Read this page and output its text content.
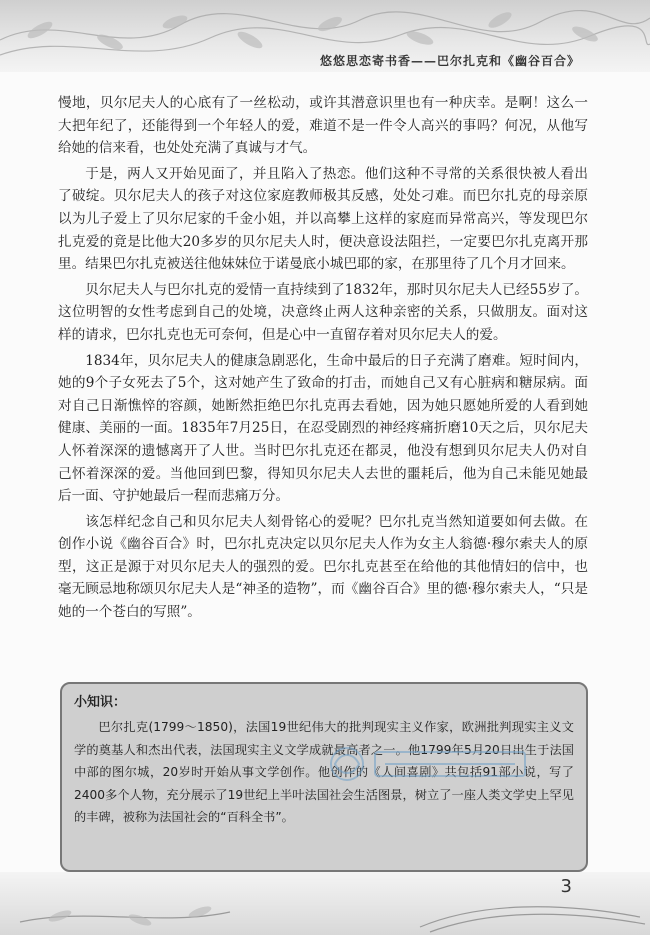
悠悠思恋寄书香——巴尔扎克和《幽谷百合》

慢地，贝尔尼夫人的心底有了一丝松动，或许其潜意识里也有一种庆幸。是啊！这么一大把年纪了，还能得到一个年轻人的爱，难道不是一件令人高兴的事吗？何况，从他写给她的信来看，也处处充满了真诚与才气。

于是，两人又开始见面了，并且陷入了热恋。他们这种不寻常的关系很快被人看出了破绽。贝尔尼夫人的孩子对这位家庭教师极其反感，处处刁难。而巴尔扎克的母亲原以为儿子爱上了贝尔尼家的千金小姐，并以高攀上这样的家庭而异常高兴，等发现巴尔扎克爱的竟是比他大20多岁的贝尔尼夫人时，便决意设法阻拦，一定要巴尔扎克离开那里。结果巴尔扎克被送往他妹妹位于诺曼底小城巴耶的家，在那里待了几个月才回来。

贝尔尼夫人与巴尔扎克的爱情一直持续到了1832年，那时贝尔尼夫人已经55岁了。这位明智的女性考虑到自己的处境，决意终止两人这种亲密的关系，只做朋友。面对这样的请求，巴尔扎克也无可奈何，但是心中一直留存着对贝尔尼夫人的爱。

1834年，贝尔尼夫人的健康急剧恶化，生命中最后的日子充满了磨难。短时间内，她的9个子女死去了5个，这对她产生了致命的打击，而她自己又有心脏病和糖尿病。面对自己日渐憔悴的容颜，她断然拒绝巴尔扎克再去看她，因为她只愿她所爱的人看到她健康、美丽的一面。1835年7月25日，在忍受剧烈的神经疼痛折磨10天之后，贝尔尼夫人怀着深深的遗憾离开了人世。当时巴尔扎克还在都灵，他没有想到贝尔尼夫人仍对自己怀着深深的爱。当他回到巴黎，得知贝尔尼夫人去世的噩耗后，他为自己未能见她最后一面、守护她最后一程而悲痛万分。

该怎样纪念自己和贝尔尼夫人刻骨铭心的爱呢？巴尔扎克当然知道要如何去做。在创作小说《幽谷百合》时，巴尔扎克决定以贝尔尼夫人作为女主人翁德·穆尔索夫人的原型，这正是源于对贝尔尼夫人的强烈的爱。巴尔扎克甚至在给他的其他情妇的信中，也毫无顾忌地称颂贝尔尼夫人是“神圣的造物”，而《幽谷百合》里的德·穆尔索夫人，“只是她的一个苍白的写照”。

小知识：
巴尔扎克(1799～1850)，法国19世纪伟大的批判现实主义作家，欧洲批判现实主义文学的奠基人和杰出代表，法国现实主义文学成就最高者之一。他1799年5月20日出生于法国中部的图尔城，20岁时开始从事文学创作。他创作的《人间喜剧》共包括91部小说，写了2400多个人物，充分展示了19世纪上半叶法国社会生活图景，树立了一座人类文学史上罕见的丰碑，被称为法国社会的“百科全书”。
3
